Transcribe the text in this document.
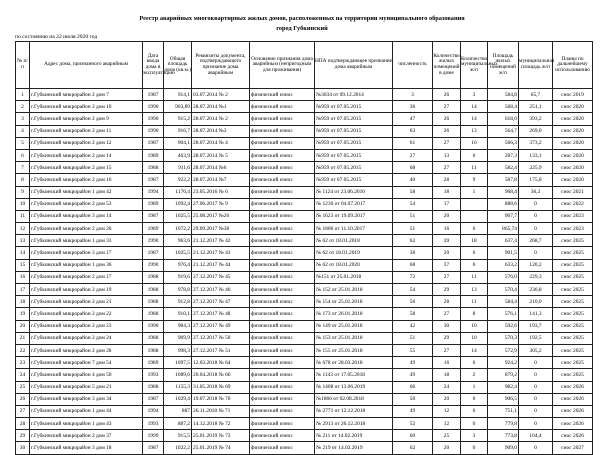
Реестр аварийных многоквартирных жилых домов, расположенных на территории муниципального образования
город Губкинский
по состоянию на 22 июля 2020 год
№ п/п	Адрес дома, признанного аварийным	Дата ввода дома в эксплуатацию	Общая площадь дома (кв.м.)	Реквизиты документа, подтверждающего признание дома аварийным	Основание признания дома аварийным (непригодным для проживания)	НПА подтверждающее признание дома аварийным	численность	Количество жилых помещений в доме	Количество муниципальных ж/п	Площадь жилых помещений ж/п	муниципальная площадь ж/п	Планы по дальнейшему использованию
1	г.Губкинский микрорайон 2 дом 7	1987	914,1	03.07.2014 № 2	физический износ	№3034 от 09.12.2014	3	26	3	584,8	65,7	снос 2019
2	г.Губкинский микрорайон 2 дом 10	1990	903,89	28.07.2014 №1	физический износ	№959 от 07.05.2015	36	27	14	568,4	251,1	снос 2020
3	г.Губкинский микрорайон 2 дом 9	1990	915,2	28.07.2014 № 2	физический износ	№959 от 07.05.2015	47	26	14	618,0	393,2	снос 2020
4	г.Губкинский микрорайон 2 дом 11	1990	916,7	28.07.2014 №3	физический износ	№959 от 07.05.2015	63	26	13	564,7	269,0	снос 2020
5	г.Губкинский микрорайон 2 дом 12	1987	904,1	28.07.2014 № 4	физический износ	№959 от 07.05.2015	61	27	16	566,3	373,2	снос 2020
6	г.Губкинский микрорайон 2 дом 14	1989	463,9	28.07.2014 № 5	физический износ	№959 от 07.05.2015	27	13	6	287,3	133,1	снос 2020
7	г.Губкинский микрорайон 2 дом 15	1988	911,6	28.07.2014 №6	физический износ	№959 от 07.05.2015	68	27	11	582,4	225,9	снос 2020
8	г.Губкинский микрорайон 2 дом 16	1987	922,2	28.07.2014 №7	физический износ	№959 от 07.05.2015	40	28	9	587,8	175,8	снос 2020
9	г.Губкинский микрорайон 1 дом 42	1994	1176,4	23.05.2016 № 6	физический износ	№ 1124 от 23.06.2016	58	18	1	968,4	36,2	снос 2021
10	г.Губкинский микрорайон 2 дом 53	1989	1092,4	27.06.2017 № 9	физический износ	№ 1236 от 04.07.2017	54	17		888,6	0	снос 2022
11	г.Губкинский микрорайон 3 дом 14	1987	1025,5	25.08.2017 №26	физический износ	№ 1623 от 19.09.2017	51	20		907,7	0	снос 2023
12	г.Губкинский микрорайон 2 дом 26	1989	1072,2	29.09.2017 №38	физический износ	№ 1806 от 11.10.2017	51	16	0	865,74	0	снос 2023
13	г.Губкинский микрорайон 1 дом 33	1990	963,6	21.12.2017 № 42	физический износ	№ 62 от 18.01.2018	62	39	18	637,4	268,7	снос 2025
14	г.Губкинский микрорайон 3 дом 17	1987	1025,5	21.12.2017 № 43	физический износ	№ 62 от 18.01.2019	38	20	0	901,5	0	снос 2025
15	г.Губкинский микрорайон 1 дом 36	1990	976,4	21.12.2017 № 44	физический износ	№ 62 от 18.01.2020	68	37	6	633,2	120,2	снос 2025
16	г.Губкинский микрорайон 2 дом 17	1988	919,6	27.12.2017 № 45	физический износ	№151 от 25.01.2018	72	27	11	576,0	229,3	снос 2025
17	г.Губкинский микрорайон 2 дом 19	1988	978,8	27.12.2017 № 46	физический износ	№ 152 от 25.01.2018	54	29	13	570,4	236,8	снос 2025
18	г.Губкинский микрорайон 2 дом 21	1988	912,8	27.12.2017 № 47	физический износ	№ 154 от 25.01.2018	56	28	11	584,4	210,0	снос 2025
19	г.Губкинский микрорайон 2 дом 22	1988	910,1	27.12.2017 № 48	физический износ	№ 173 от 26.01.2018	58	27	8	576,1	141,3	снос 2025
20	г.Губкинский микрорайон 2 дом 23	1990	984,3	27.12.2017 № 49	физический износ	№ 149 от 25.01.2018	42	30	10	592,6	193,7	снос 2025
21	г.Губкинский микрорайон 2 дом 24	1988	969,9	27.12.2017 № 50	физический износ	№ 153 от 25.01.2018	51	29	10	570,3	192,5	снос 2025
22	г.Губкинский микрорайон 2 дом 28	1988	998,3	27.12.2017 № 51	физический износ	№ 155 от 25.01.2018	55	27	14	572,9	305,2	снос 2025
23	г.Губкинский микрорайон 7 дом 54	1989	1097,5	12.03.2018 № 64	физический износ	№ 678 от 28.03.2018	49	16	0	924,2	0	снос 2025
24	г.Губкинский микрорайон 4 дом 50	1993	1089,6	20.04.2018 № 66	физический износ	№ 1143 от 17.05.2018	49	18	2	879,2	0	снос 2025
25	г.Губкинский микрорайон 5 дом 21	1988	1155,3	31.05.2018 № 69	физический износ	№ 1408 от 13.06.2019	66	24	1	982,4	0	снос 2026
26	г.Губкинский микрорайон 3 дом 34	1987	1029,4	19.07.2018 № 70	физический износ	№1866 от 02.08.2018	50	20	0	906,5	0	снос 2026
27	г.Губкинский микрорайон 1 дом 44	1994	887	26.11.2018 № 71	физический износ	№ 2771 от 12.12.2018	49	12	0	751,1	0	снос 2026
28	г.Губкинский микрорайон 1 дом 43	1993	887,2	14.12.2018 № 72	физический износ	№ 2913 от 26.12.2018	52	12	0	779,8	0	снос 2026
29	г.Губкинский микрорайон 2 дом 37	1999	915,5	25.01.2019 № 73	физический износ	№ 211 от 14.02.2019	60	25	3	773,8	104,4	снос 2026
30	г.Губкинский микрорайон 3 дом 18	1987	1022,2	25.01.2019 № 74	физический износ	№ 219 от 14.02.2019	62	20	0	909,0	0	снос 2027
